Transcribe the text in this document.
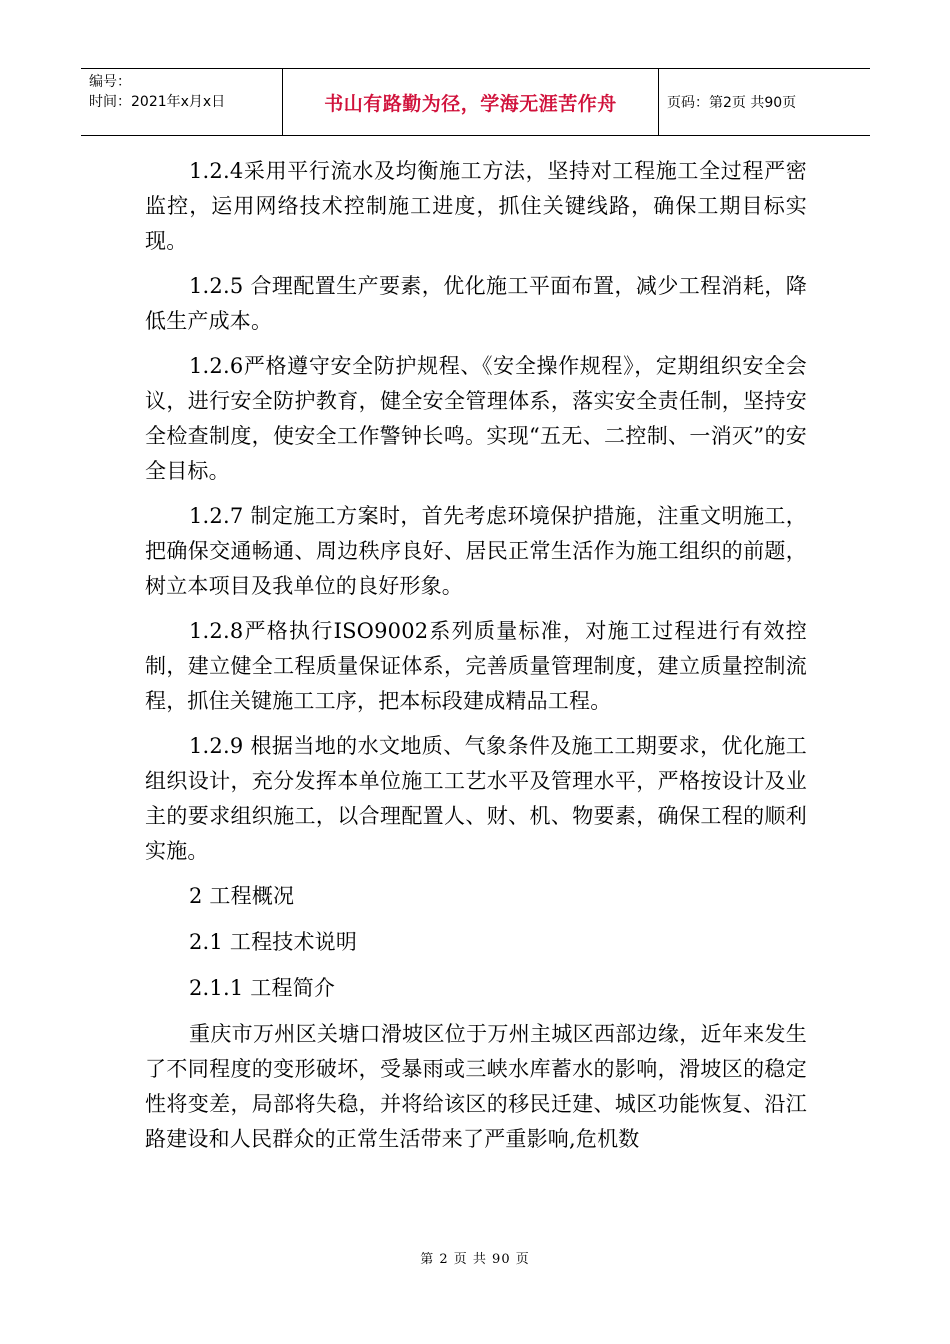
编号：
时间：2021年x月x日	书山有路勤为径，学海无涯苦作舟	页码：第2页 共90页

1.2.4采用平行流水及均衡施工方法，坚持对工程施工全过程严密监控，运用网络技术控制施工进度，抓住关键线路，确保工期目标实现。

1.2.5 合理配置生产要素，优化施工平面布置，减少工程消耗，降低生产成本。

1.2.6严格遵守安全防护规程、《安全操作规程》，定期组织安全会议，进行安全防护教育，健全安全管理体系，落实安全责任制，坚持安全检查制度，使安全工作警钟长鸣。实现“五无、二控制、一消灭”的安全目标。

1.2.7 制定施工方案时，首先考虑环境保护措施，注重文明施工，把确保交通畅通、周边秩序良好、居民正常生活作为施工组织的前题，树立本项目及我单位的良好形象。

1.2.8严格执行ISO9002系列质量标准，对施工过程进行有效控制，建立健全工程质量保证体系，完善质量管理制度，建立质量控制流程，抓住关键施工工序，把本标段建成精品工程。

1.2.9 根据当地的水文地质、气象条件及施工工期要求，优化施工组织设计，充分发挥本单位施工工艺水平及管理水平，严格按设计及业主的要求组织施工，以合理配置人、财、机、物要素，确保工程的顺利实施。

2 工程概况

2.1 工程技术说明

2.1.1 工程简介

重庆市万州区关塘口滑坡区位于万州主城区西部边缘，近年来发生了不同程度的变形破坏，受暴雨或三峡水库蓄水的影响，滑坡区的稳定性将变差，局部将失稳，并将给该区的移民迁建、城区功能恢复、沿江路建设和人民群众的正常生活带来了严重影响,危机数

第 2 页 共 90 页
